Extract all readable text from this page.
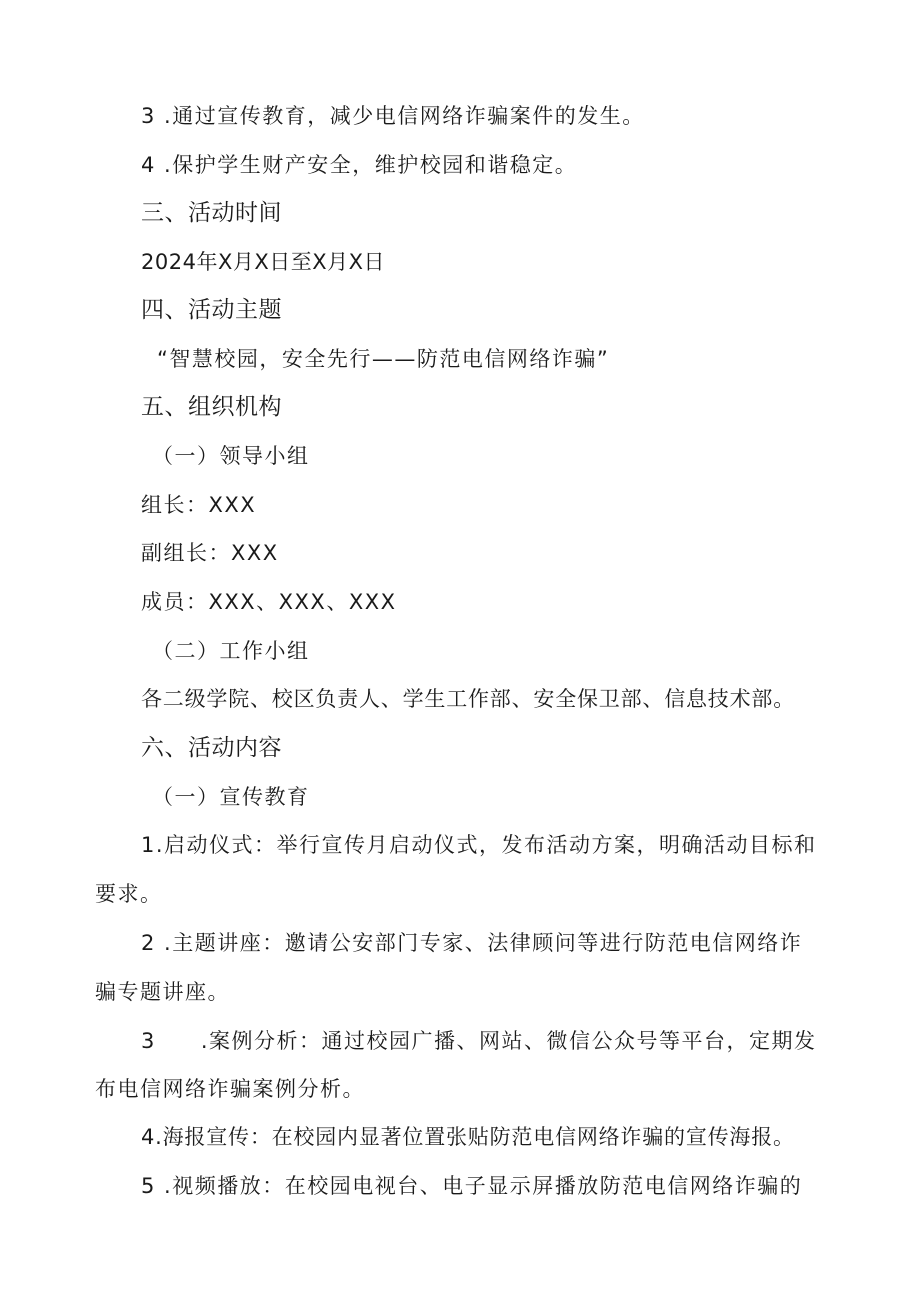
3 .通过宣传教育，减少电信网络诈骗案件的发生。

4 .保护学生财产安全，维护校园和谐稳定。

三、活动时间

2024年X月X日至X月X日

四、活动主题

“智慧校园，安全先行——防范电信网络诈骗”

五、组织机构

（一）领导小组

组长：XXX

副组长：XXX

成员：XXX、XXX、XXX

（二）工作小组

各二级学院、校区负责人、学生工作部、安全保卫部、信息技术部。

六、活动内容

（一）宣传教育

1.启动仪式：举行宣传月启动仪式，发布活动方案，明确活动目标和

要求。

2 .主题讲座：邀请公安部门专家、法律顾问等进行防范电信网络诈

骗专题讲座。

3　　.案例分析：通过校园广播、网站、微信公众号等平台，定期发

布电信网络诈骗案例分析。

4.海报宣传：在校园内显著位置张贴防范电信网络诈骗的宣传海报。

5 .视频播放：在校园电视台、电子显示屏播放防范电信网络诈骗的
